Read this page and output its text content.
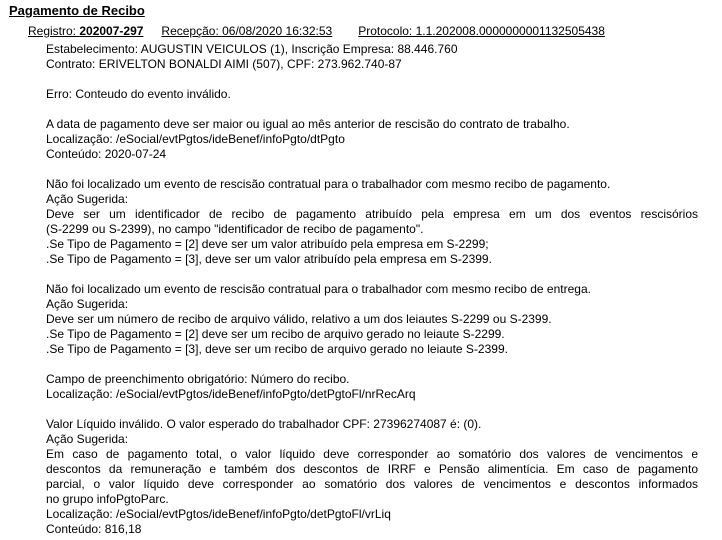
Pagamento de Recibo
Registro: 202007-297 Recepção: 06/08/2020 16:32:53 Protocolo: 1.1.202008.0000000001132505438
Estabelecimento: AUGUSTIN VEICULOS (1), Inscrição Empresa: 88.446.760
Contrato: ERIVELTON BONALDI AIMI (507), CPF: 273.962.740-87
Erro: Conteudo do evento inválido.
A data de pagamento deve ser maior ou igual ao mês anterior de rescisão do contrato de trabalho.
Localização: /eSocial/evtPgtos/ideBenef/infoPgto/dtPgto
Conteúdo: 2020-07-24
Não foi localizado um evento de rescisão contratual para o trabalhador com mesmo recibo de pagamento.
Ação Sugerida:
Deve ser um identificador de recibo de pagamento atribuído pela empresa em um dos eventos rescisórios
(S-2299 ou S-2399), no campo "identificador de recibo de pagamento".
.Se Tipo de Pagamento = [2] deve ser um valor atribuído pela empresa em S-2299;
.Se Tipo de Pagamento = [3], deve ser um valor atribuído pela empresa em S-2399.
Não foi localizado um evento de rescisão contratual para o trabalhador com mesmo recibo de entrega.
Ação Sugerida:
Deve ser um número de recibo de arquivo válido, relativo a um dos leiautes S-2299 ou S-2399.
.Se Tipo de Pagamento = [2] deve ser um recibo de arquivo gerado no leiaute S-2299.
.Se Tipo de Pagamento = [3], deve ser um recibo de arquivo gerado no leiaute S-2399.
Campo de preenchimento obrigatório: Número do recibo.
Localização: /eSocial/evtPgtos/ideBenef/infoPgto/detPgtoFl/nrRecArq
Valor Líquido inválido. O valor esperado do trabalhador CPF: 27396274087 é: (0).
Ação Sugerida:
Em caso de pagamento total, o valor líquido deve corresponder ao somatório dos valores de vencimentos e
descontos da remuneração e também dos descontos de IRRF e Pensão alimentícia. Em caso de pagamento
parcial, o valor líquido deve corresponder ao somatório dos valores de vencimentos e descontos informados
no grupo infoPgtoParc.
Localização: /eSocial/evtPgtos/ideBenef/infoPgto/detPgtoFl/vrLiq
Conteúdo: 816,18
